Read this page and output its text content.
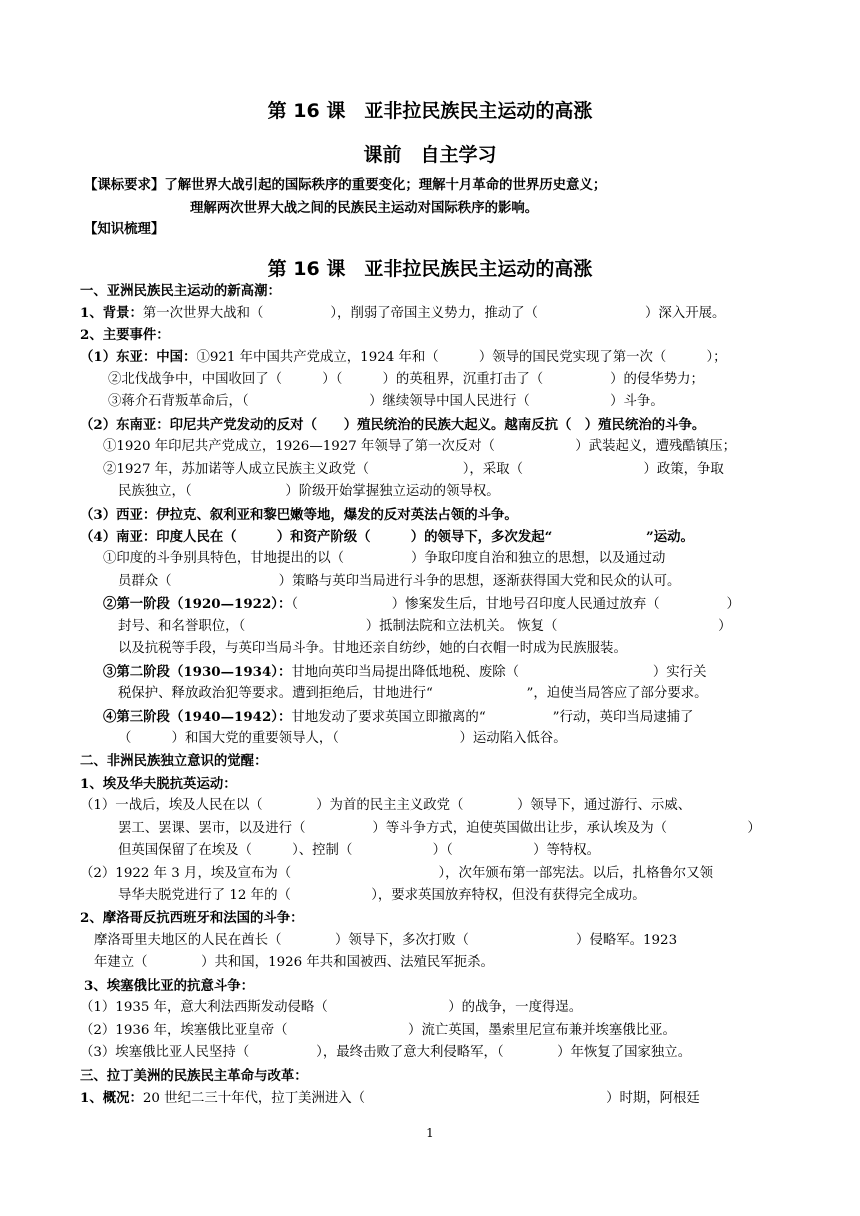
第 16 课　亚非拉民族民主运动的高涨
课前　自主学习
【课标要求】了解世界大战引起的国际秩序的重要变化；理解十月革命的世界历史意义；
理解两次世界大战之间的民族民主运动对国际秩序的影响。
【知识梳理】
第 16 课　亚非拉民族民主运动的高涨
一、亚洲民族民主运动的新高潮：
1、背景：第一次世界大战和（　　　　　），削弱了帝国主义势力，推动了（　　　　　　　　）深入开展。
2、主要事件：
（1）东亚：中国：①921 年中国共产党成立，1924 年和（　　　）领导的国民党实现了第一次（　　　）；
②北伐战争中，中国收回了（　　　）（　　　）的英租界，沉重打击了（　　　　　）的侵华势力；
③蒋介石背叛革命后，（　　　　　　　　　）继续领导中国人民进行（　　　　　　）斗争。
（2）东南亚：印尼共产党发动的反对（　　）殖民统治的民族大起义。越南反抗（　）殖民统治的斗争。
①1920 年印尼共产党成立，1926—1927 年领导了第一次反对（　　　　　　）武装起义，遭残酷镇压；
②1927 年，苏加诺等人成立民族主义政党（　　　　　　　），采取（　　　　　　　　　）政策，争取
民族独立，（　　　　　　　）阶级开始掌握独立运动的领导权。
（3）西亚：伊拉克、叙利亚和黎巴嫩等地，爆发的反对英法占领的斗争。
（4）南亚：印度人民在（　　　）和资产阶级（　　　）的领导下，多次发起“　　　　　　　”运动。
①印度的斗争别具特色，甘地提出的以（　　　　　）争取印度自治和独立的思想，以及通过动
员群众（　　　　　　　　）策略与英印当局进行斗争的思想，逐渐获得国大党和民众的认可。
②第一阶段（1920—1922）：（　　　　　　　）惨案发生后，甘地号召印度人民通过放弃（　　　　　）
封号、和名誉职位，（　　　　　　　　　）抵制法院和立法机关。 恢复（　　　　　　　　　　　　）
以及抗税等手段，与英印当局斗争。甘地还亲自纺纱，她的白衣帽一时成为民族服装。
③第二阶段（1930—1934）：甘地向英印当局提出降低地税、废除（　　　　　　　　　　）实行关
税保护、释放政治犯等要求。遭到拒绝后，甘地进行“　　　　　　　”，迫使当局答应了部分要求。
④第三阶段（1940—1942）：甘地发动了要求英国立即撤离的“　　　　　”行动，英印当局逮捕了
（　　　）和国大党的重要领导人，（　　　　　　　　　）运动陷入低谷。
二、非洲民族独立意识的觉醒：
1、埃及华夫脱抗英运动：
（1）一战后，埃及人民在以（　　　　）为首的民主主义政党（　　　　）领导下，通过游行、示威、
罢工、罢课、罢市，以及进行（　　　　　）等斗争方式，迫使英国做出让步，承认埃及为（　　　　　　）
但英国保留了在埃及（　　　）、控制（　　　　　　）（　　　　　　）等特权。
（2）1922 年 3 月，埃及宣布为（　　　　　　　　　　　），次年颁布第一部宪法。以后，扎格鲁尔又领
导华夫脱党进行了 12 年的（　　　　　　），要求英国放弃特权，但没有获得完全成功。
2、摩洛哥反抗西班牙和法国的斗争：
摩洛哥里夫地区的人民在酋长（　　　　）领导下，多次打败（　　　　　　　　）侵略军。1923
年建立（　　　　）共和国，1926 年共和国被西、法殖民军扼杀。
3、埃塞俄比亚的抗意斗争：
（1）1935 年，意大利法西斯发动侵略（　　　　　　　　　）的战争，一度得逞。
（2）1936 年，埃塞俄比亚皇帝（　　　　　　　　　）流亡英国，墨索里尼宣布兼并埃塞俄比亚。
（3）埃塞俄比亚人民坚持（　　　　　），最终击败了意大利侵略军，（　　　　）年恢复了国家独立。
三、拉丁美洲的民族民主革命与改革：
1、概况：20 世纪二三十年代，拉丁美洲进入（　　　　　　　　　　　　　　　　　　）时期，阿根廷
1
